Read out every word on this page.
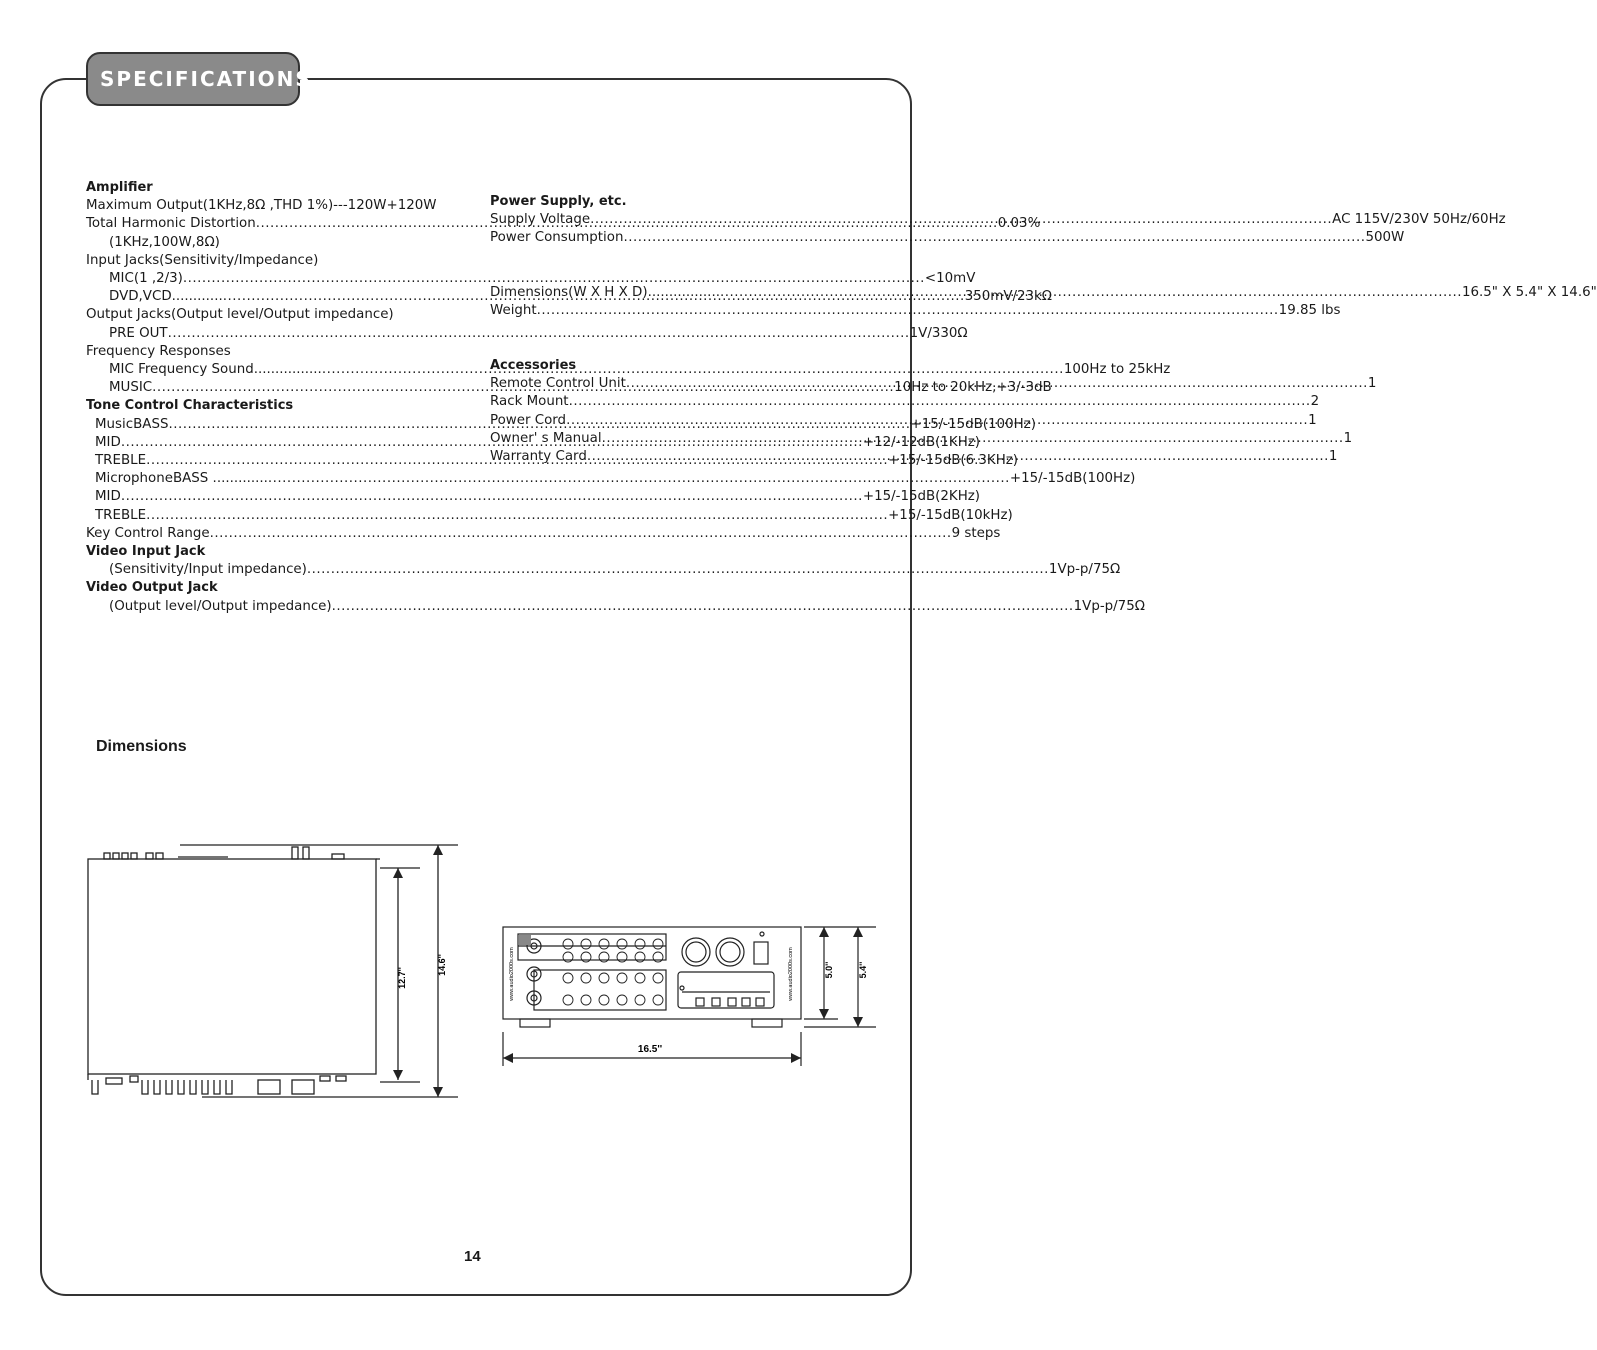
SPECIFICATIONS
Amplifier
Maximum Output(1KHz,8Ω ,THD 1%)---120W+120W
Total Harmonic Distortion .....	0.03%
(1KHz,100W,8Ω)
Input Jacks(Sensitivity/Impedance)
MIC(1 ,2/3) .....	<10mV
DVD,VCD............ .....	350mV/23kΩ
Output Jacks(Output level/Output impedance)
PRE OUT .....	1V/330Ω
Frequency Responses
MIC Frequency Sound................ .....	100Hz to 25kHz
MUSIC .....	10Hz to 20kHz,+3/-3dB
Tone Control Characteristics
Music BASS .....	+15/-15dB(100Hz)
MID .....	+12/-12dB(1KHz)
TREBLE .....	+15/-15dB(6.3KHz)
Microphone BASS ............. .....	+15/-15dB(100Hz)
MID .....	+15/-15dB(2KHz)
TREBLE .....	+15/-15dB(10kHz)
Key Control Range .....	9 steps
Video Input Jack
(Sensitivity/Input impedance) .....	1Vp-p/75Ω
Video Output Jack
(Output level/Output impedance) .....	1Vp-p/75Ω
Power Supply, etc.
Supply Voltage .....	AC 115V/230V 50Hz/60Hz
Power Consumption .....	500W
Dimensions(W X H X D)................. .....	16.5" X 5.4" X 14.6"
Weight .....	19.85 lbs
Accessories
Remote Control Unit .....	1
Rack Mount .....	2
Power Cord .....	1
Owner' s Manual .....	1
Warranty Card .....	1
Dimensions
12.7''
14.6''	www.audio2000s.com	www.audio2000s.com
16.5''
5.0''	5.4''
14
